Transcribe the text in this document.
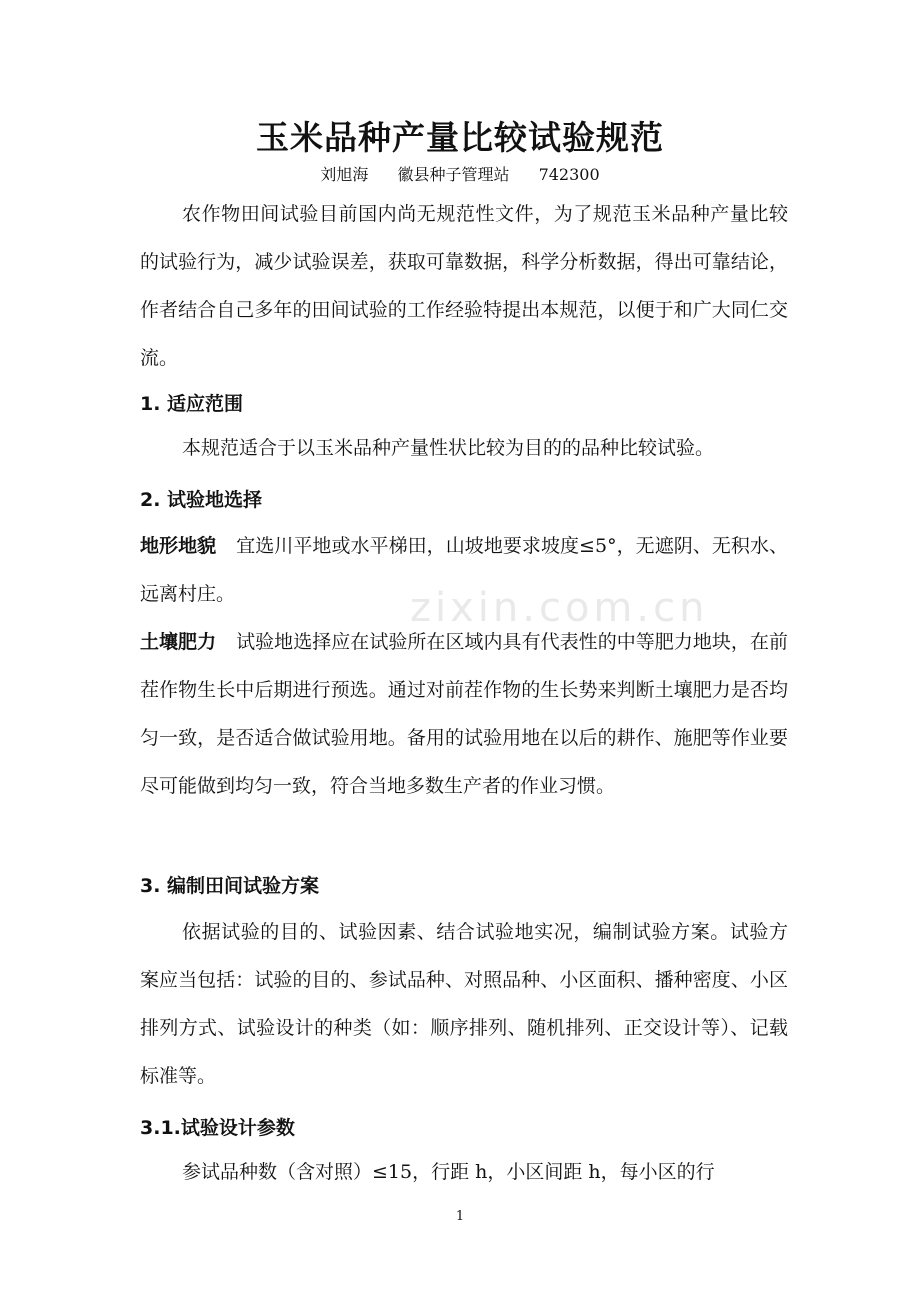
玉米品种产量比较试验规范
刘旭海 徽县种子管理站 742300
农作物田间试验目前国内尚无规范性文件，为了规范玉米品种产量比较的试验行为，减少试验误差，获取可靠数据，科学分析数据，得出可靠结论，作者结合自己多年的田间试验的工作经验特提出本规范，以便于和广大同仁交流。
1. 适应范围
本规范适合于以玉米品种产量性状比较为目的的品种比较试验。
2. 试验地选择
地形地貌 宜选川平地或水平梯田，山坡地要求坡度≤5°，无遮阴、无积水、远离村庄。	zixin.com.cn
土壤肥力 试验地选择应在试验所在区域内具有代表性的中等肥力地块，在前茬作物生长中后期进行预选。通过对前茬作物的生长势来判断土壤肥力是否均匀一致，是否适合做试验用地。备用的试验用地在以后的耕作、施肥等作业要尽可能做到均匀一致，符合当地多数生产者的作业习惯。
3. 编制田间试验方案
依据试验的目的、试验因素、结合试验地实况，编制试验方案。试验方案应当包括：试验的目的、参试品种、对照品种、小区面积、播种密度、小区排列方式、试验设计的种类（如：顺序排列、随机排列、正交设计等）、记载标准等。
3.1.试验设计参数
参试品种数（含对照）≤15，行距 h，小区间距 h，每小区的行
1
